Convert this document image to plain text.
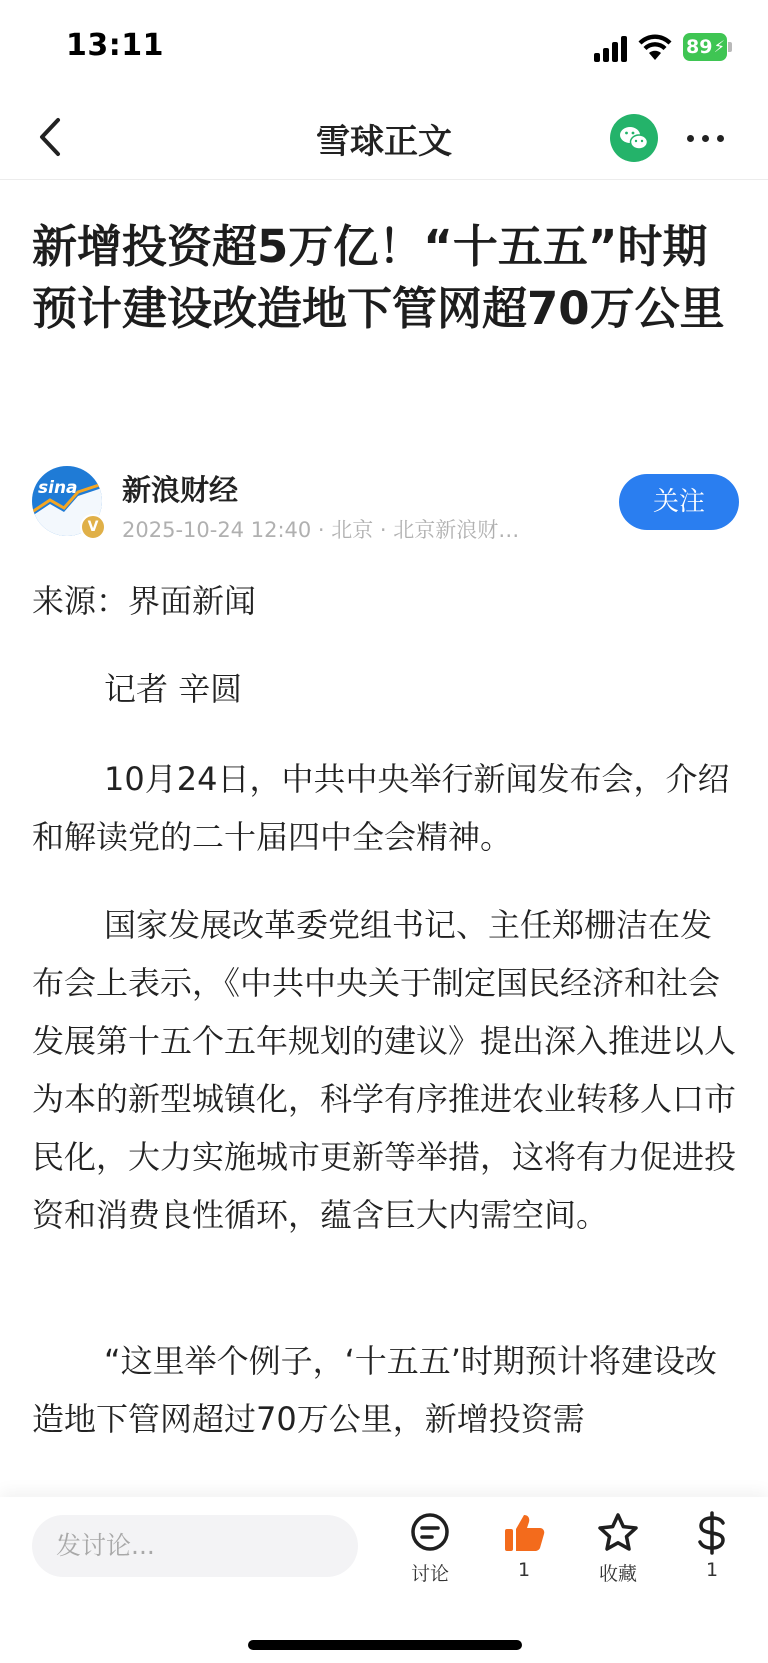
13:11	89 ⚡
雪球正文
新增投资超5万亿！“十五五”时期预计建设改造地下管网超70万公里
sina
V
新浪财经
2025-10-24 12:40 · 北京 · 北京新浪财…
关注

来源：界面新闻

记者 辛圆

10月24日，中共中央举行新闻发布会，介绍和解读党的二十届四中全会精神。

国家发展改革委党组书记、主任郑栅洁在发布会上表示，《中共中央关于制定国民经济和社会发展第十五个五年规划的建议》提出深入推进以人为本的新型城镇化，科学有序推进农业转移人口市民化，大力实施城市更新等举措，这将有力促进投资和消费良性循环，蕴含巨大内需空间。

“这里举个例子，‘十五五’时期预计将建设改造地下管网超过70万公里，新增投资需

发讨论...
讨论	1	收藏	1
